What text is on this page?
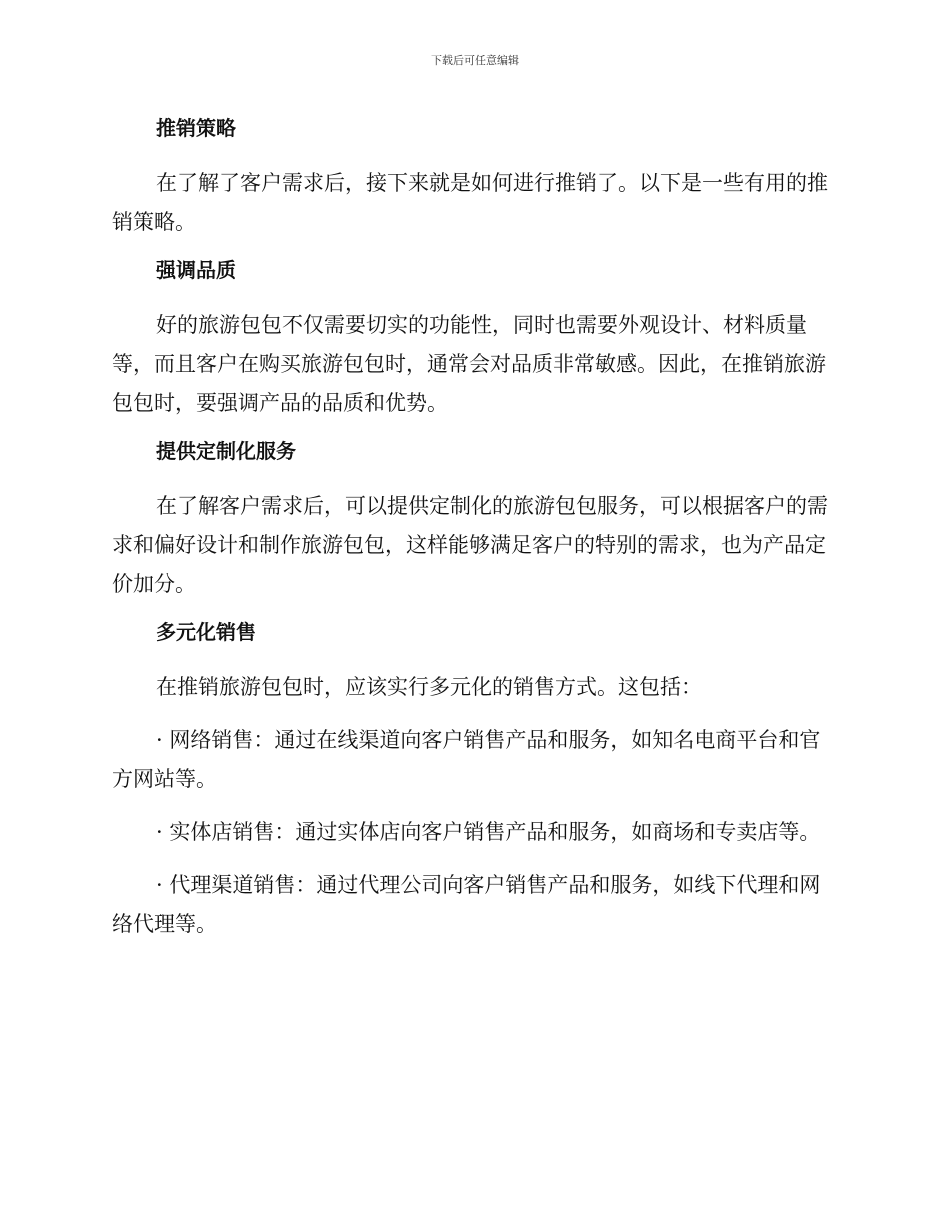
下载后可任意编辑
推销策略

在了解了客户需求后，接下来就是如何进行推销了。以下是一些有用的推销策略。

强调品质

好的旅游包包不仅需要切实的功能性，同时也需要外观设计、材料质量等，而且客户在购买旅游包包时，通常会对品质非常敏感。因此，在推销旅游包包时，要强调产品的品质和优势。

提供定制化服务

在了解客户需求后，可以提供定制化的旅游包包服务，可以根据客户的需求和偏好设计和制作旅游包包，这样能够满足客户的特别的需求，也为产品定价加分。

多元化销售

在推销旅游包包时，应该实行多元化的销售方式。这包括：

· 网络销售：通过在线渠道向客户销售产品和服务，如知名电商平台和官方网站等。

· 实体店销售：通过实体店向客户销售产品和服务，如商场和专卖店等。

· 代理渠道销售：通过代理公司向客户销售产品和服务，如线下代理和网络代理等。
